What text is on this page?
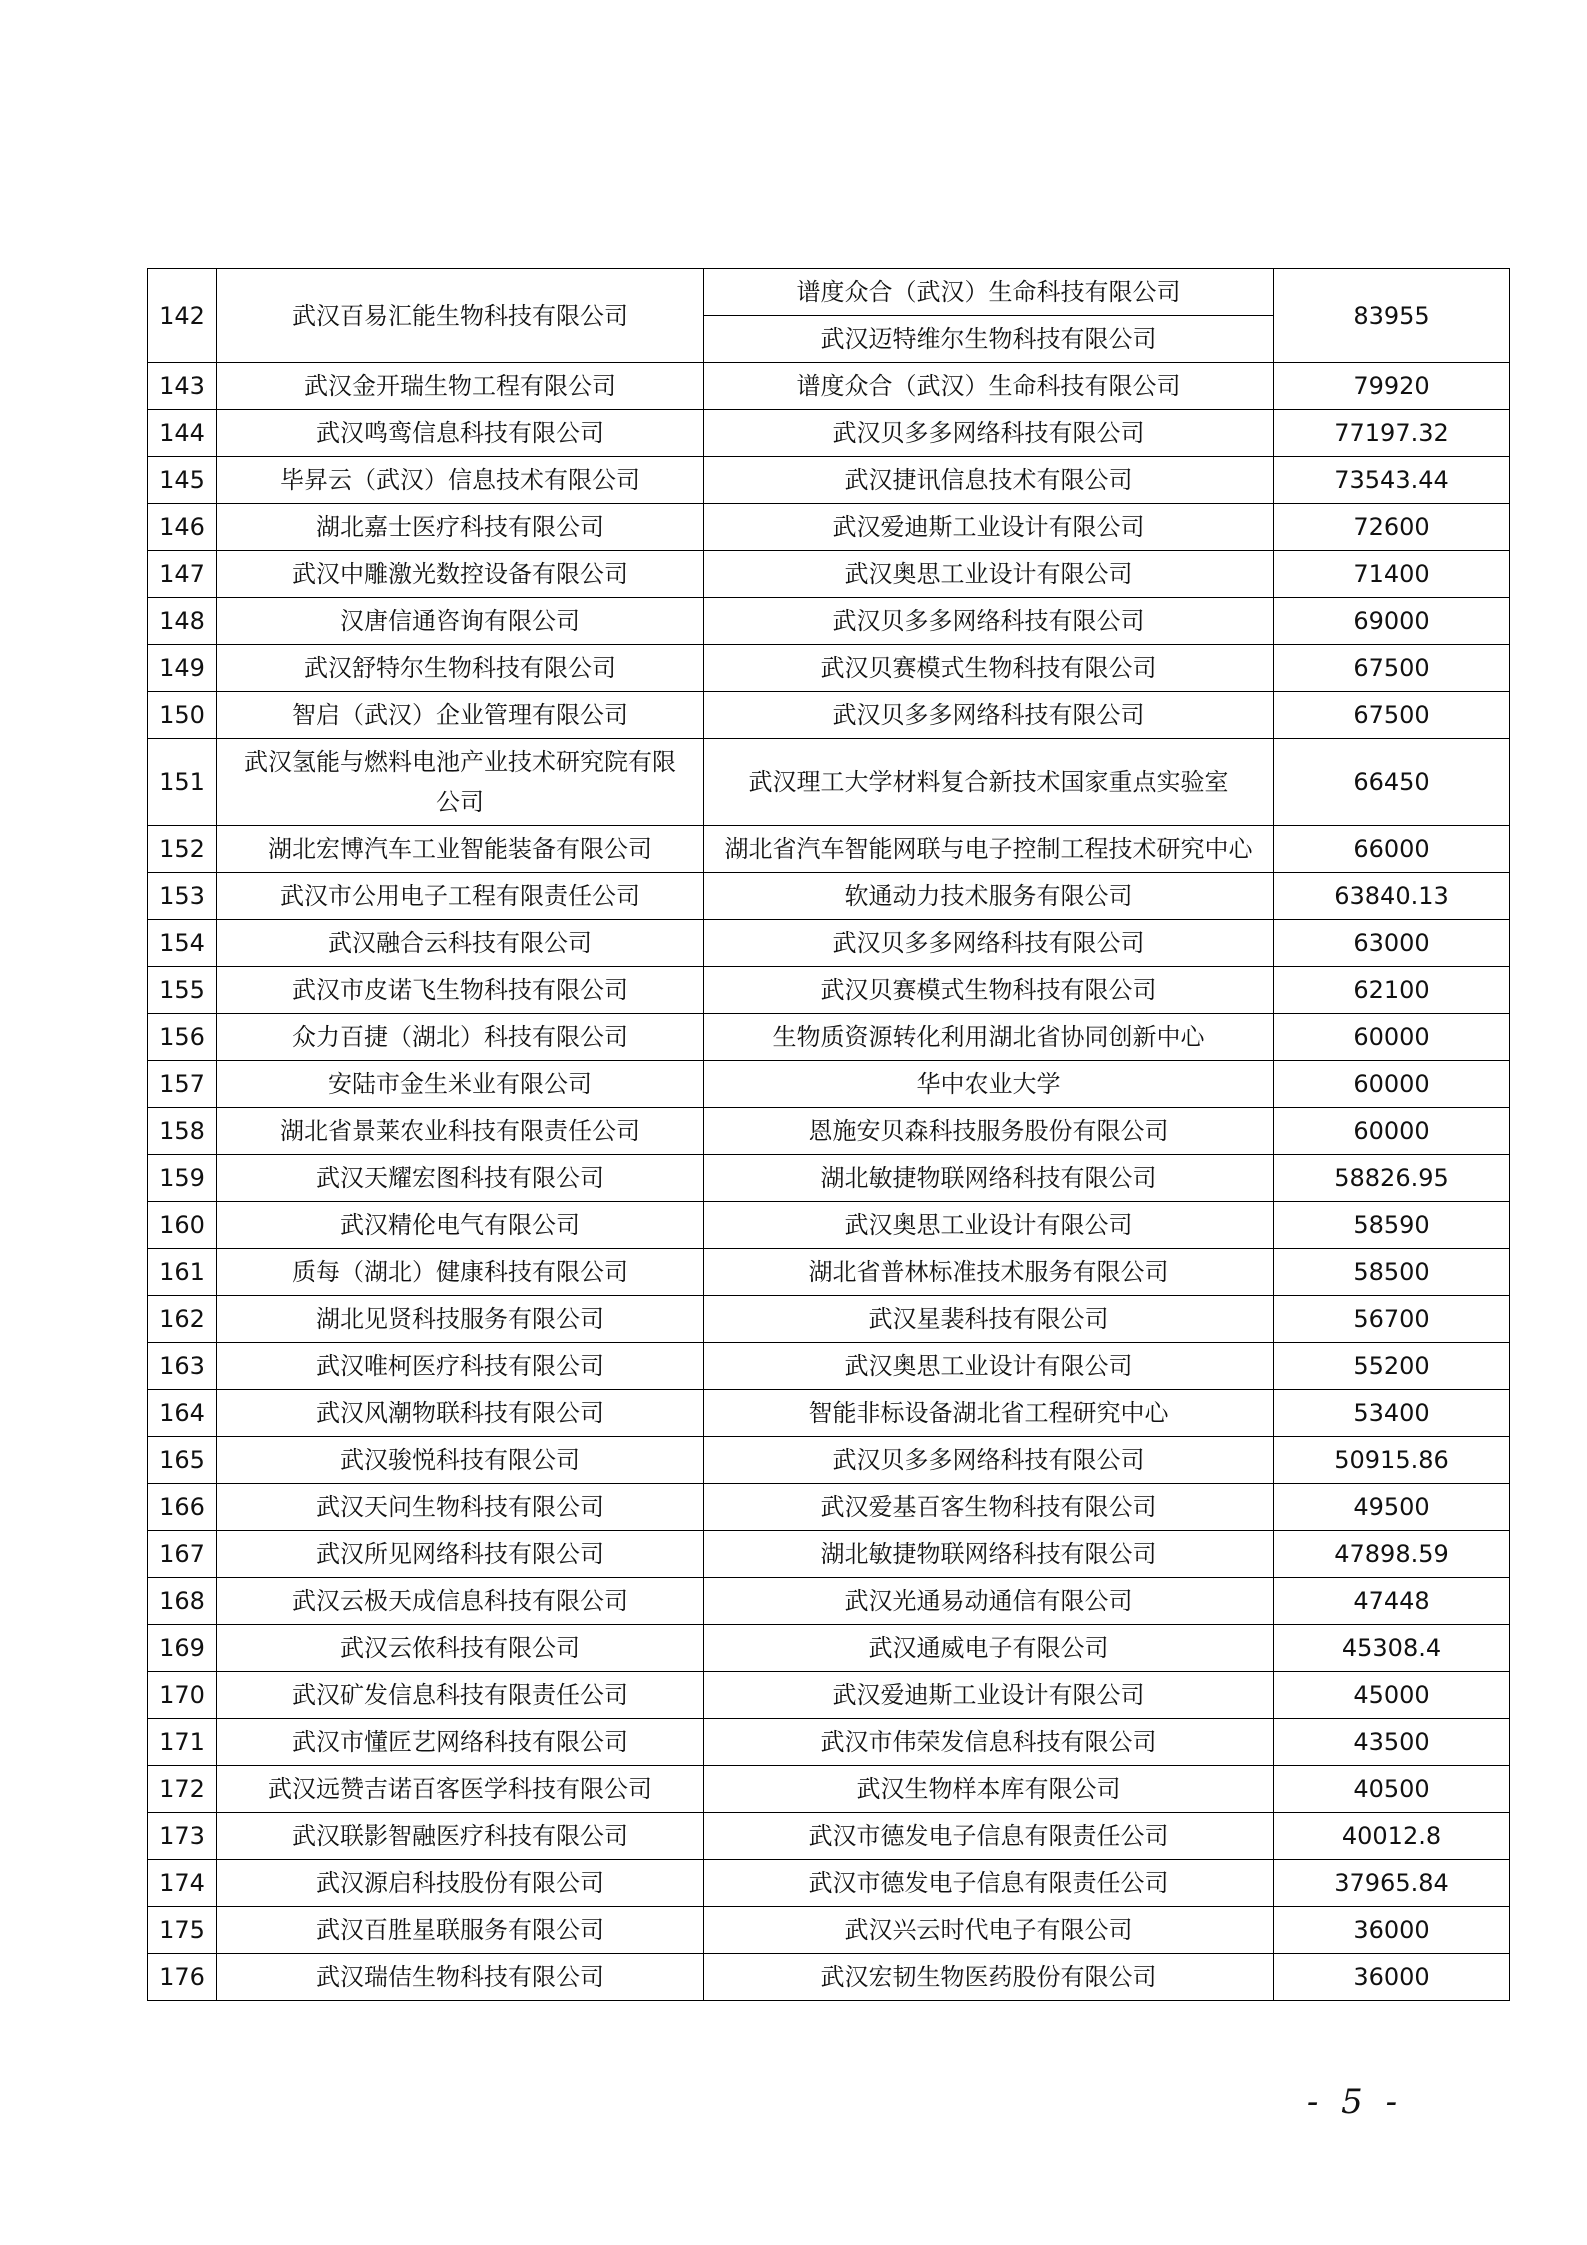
142	武汉百易汇能生物科技有限公司	谱度众合（武汉）生命科技有限公司	83955
		武汉迈特维尔生物科技有限公司	
143	武汉金开瑞生物工程有限公司	谱度众合（武汉）生命科技有限公司	79920
144	武汉鸣鸾信息科技有限公司	武汉贝多多网络科技有限公司	77197.32
145	毕昇云（武汉）信息技术有限公司	武汉捷讯信息技术有限公司	73543.44
146	湖北嘉士医疗科技有限公司	武汉爱迪斯工业设计有限公司	72600
147	武汉中雕激光数控设备有限公司	武汉奥思工业设计有限公司	71400
148	汉唐信通咨询有限公司	武汉贝多多网络科技有限公司	69000
149	武汉舒特尔生物科技有限公司	武汉贝赛模式生物科技有限公司	67500
150	智启（武汉）企业管理有限公司	武汉贝多多网络科技有限公司	67500
151	武汉氢能与燃料电池产业技术研究院有限公司	武汉理工大学材料复合新技术国家重点实验室	66450
152	湖北宏博汽车工业智能装备有限公司	湖北省汽车智能网联与电子控制工程技术研究中心	66000
153	武汉市公用电子工程有限责任公司	软通动力技术服务有限公司	63840.13
154	武汉融合云科技有限公司	武汉贝多多网络科技有限公司	63000
155	武汉市皮诺飞生物科技有限公司	武汉贝赛模式生物科技有限公司	62100
156	众力百捷（湖北）科技有限公司	生物质资源转化利用湖北省协同创新中心	60000
157	安陆市金生米业有限公司	华中农业大学	60000
158	湖北省景莱农业科技有限责任公司	恩施安贝森科技服务股份有限公司	60000
159	武汉天耀宏图科技有限公司	湖北敏捷物联网络科技有限公司	58826.95
160	武汉精伦电气有限公司	武汉奥思工业设计有限公司	58590
161	质每（湖北）健康科技有限公司	湖北省普林标准技术服务有限公司	58500
162	湖北见贤科技服务有限公司	武汉星裴科技有限公司	56700
163	武汉唯柯医疗科技有限公司	武汉奥思工业设计有限公司	55200
164	武汉风潮物联科技有限公司	智能非标设备湖北省工程研究中心	53400
165	武汉骏悦科技有限公司	武汉贝多多网络科技有限公司	50915.86
166	武汉天问生物科技有限公司	武汉爱基百客生物科技有限公司	49500
167	武汉所见网络科技有限公司	湖北敏捷物联网络科技有限公司	47898.59
168	武汉云极天成信息科技有限公司	武汉光通易动通信有限公司	47448
169	武汉云侬科技有限公司	武汉通威电子有限公司	45308.4
170	武汉矿发信息科技有限责任公司	武汉爱迪斯工业设计有限公司	45000
171	武汉市懂匠艺网络科技有限公司	武汉市伟荣发信息科技有限公司	43500
172	武汉远赞吉诺百客医学科技有限公司	武汉生物样本库有限公司	40500
173	武汉联影智融医疗科技有限公司	武汉市德发电子信息有限责任公司	40012.8
174	武汉源启科技股份有限公司	武汉市德发电子信息有限责任公司	37965.84
175	武汉百胜星联服务有限公司	武汉兴云时代电子有限公司	36000
176	武汉瑞佶生物科技有限公司	武汉宏韧生物医药股份有限公司	36000
- 5 -
